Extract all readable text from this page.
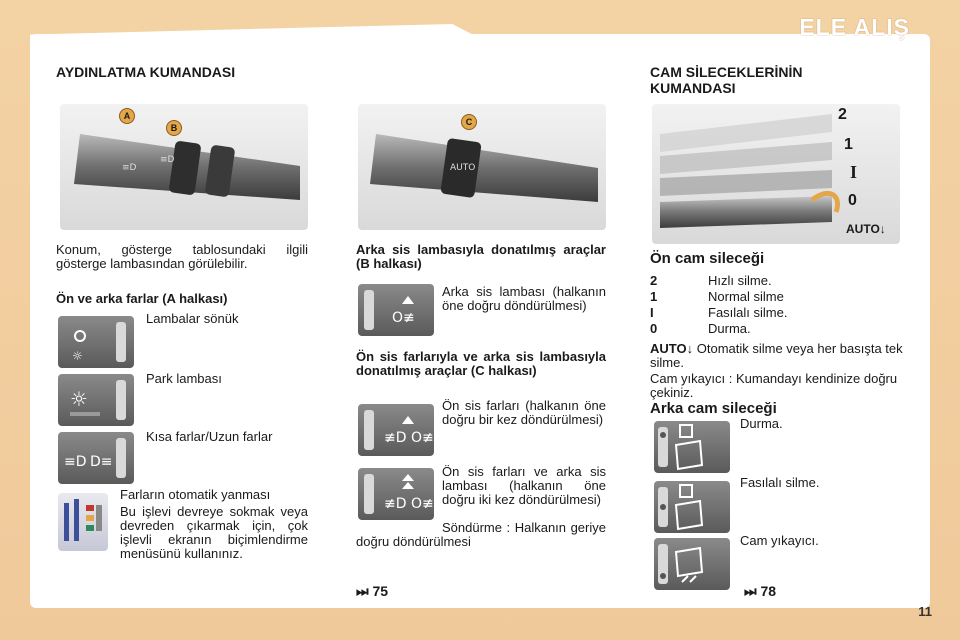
ELE ALIŞ
11
AYDINLATMA KUMANDASI
≡D
≡D
A
B
Konum, gösterge tablosundaki ilgili gösterge lambasından görülebilir.
Ön ve arka farlar (A halkası)
☼
Lambalar sönük
☼
Park lambası
≡D D≡
Kısa farlar/Uzun farlar
Farların otomatik yanması
Bu işlevi devreye sokmak veya devreden çıkarmak için, çok işlevli ekranın biçimlendirme menüsünü kullanınız.
AUTO
C
Arka sis lambasıyla donatılmış araçlar (B halkası)
O≢
Arka sis lambası (halkanın öne doğru döndürülmesi)
Ön sis farlarıyla ve arka sis lambasıyla donatılmış araçlar (C halkası)
≢D O≢
Ön sis farları (halkanın öne doğru bir kez döndürülmesi)
≢D O≢
Ön sis farları ve arka sis lambası (halkanın öne doğru iki kez döndürülmesi)
Söndürme : Halkanın geriye doğru döndürülmesi
⏭ 75
CAM SİLECEKLERİNİN
KUMANDASI
2
1
I
0
AUTO↓
Ön cam sileceği
2	Hızlı silme.
1	Normal silme
I	Fasılalı silme.
0	Durma.
AUTO↓ Otomatik silme veya her basışta tek silme.
Cam yıkayıcı : Kumandayı kendinize doğru çekiniz.
Arka cam sileceği
Durma.
Fasılalı silme.
Cam yıkayıcı.
⏭ 78
